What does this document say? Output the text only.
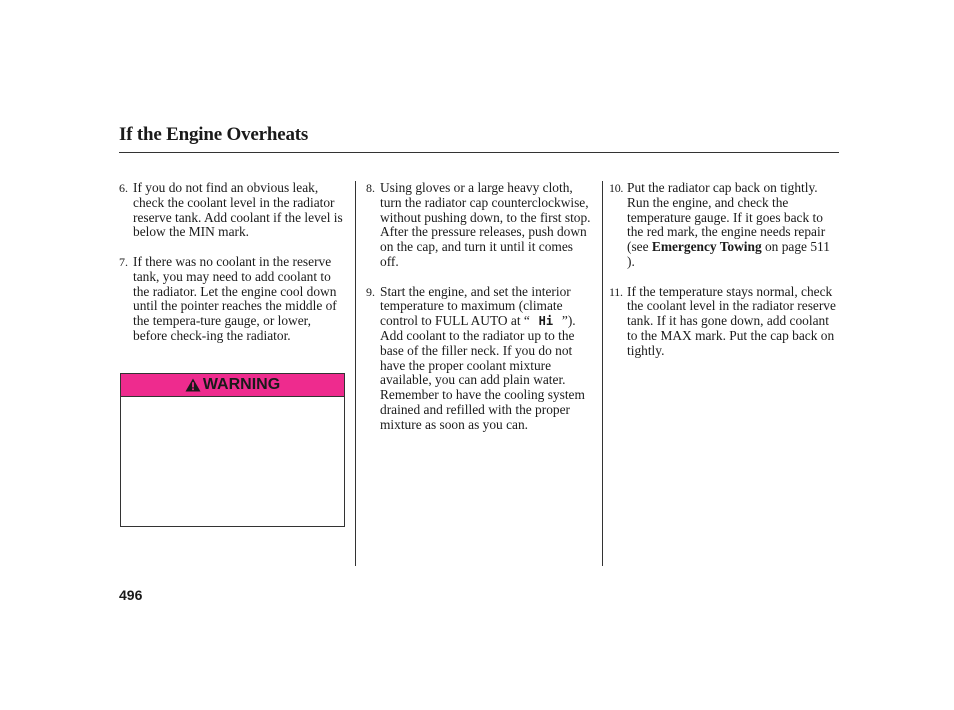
If the Engine Overheats

6. If you do not find an obvious leak, check the coolant level in the radiator reserve tank. Add coolant if the level is below the MIN mark.

7. If there was no coolant in the reserve tank, you may need to add coolant to the radiator. Let the engine cool down until the pointer reaches the middle of the tempera-ture gauge, or lower, before check-ing the radiator.

WARNING

8. Using gloves or a large heavy cloth, turn the radiator cap counterclockwise, without pushing down, to the first stop. After the pressure releases, push down on the cap, and turn it until it comes off.

9. Start the engine, and set the interior temperature to maximum (climate control to FULL AUTO at “ Hi ”). Add coolant to the radiator up to the base of the filler neck. If you do not have the proper coolant mixture available, you can add plain water. Remember to have the cooling system drained and refilled with the proper mixture as soon as you can.

10. Put the radiator cap back on tightly. Run the engine, and check the temperature gauge. If it goes back to the red mark, the engine needs repair (see Emergency Towing on page 511 ).

11. If the temperature stays normal, check the coolant level in the radiator reserve tank. If it has gone down, add coolant to the MAX mark. Put the cap back on tightly.

496
